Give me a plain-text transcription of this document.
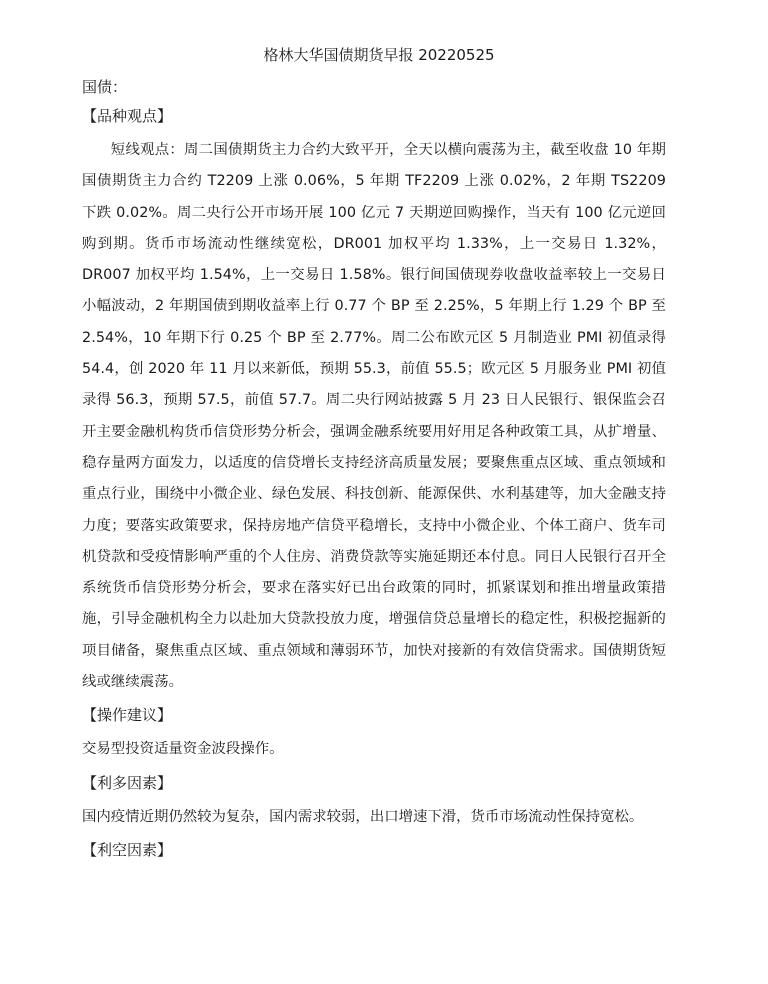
格林大华国债期货早报 20220525
国债：
【品种观点】

短线观点：周二国债期货主力合约大致平开，全天以横向震荡为主，截至收盘 10 年期国债期货主力合约 T2209 上涨 0.06%，5 年期 TF2209 上涨 0.02%，2 年期 TS2209 下跌 0.02%。周二央行公开市场开展 100 亿元 7 天期逆回购操作，当天有 100 亿元逆回购到期。货币市场流动性继续宽松，DR001 加权平均 1.33%，上一交易日 1.32%，DR007 加权平均 1.54%，上一交易日 1.58%。银行间国债现券收盘收益率较上一交易日小幅波动，2 年期国债到期收益率上行 0.77 个 BP 至 2.25%，5 年期上行 1.29 个 BP 至 2.54%，10 年期下行 0.25 个 BP 至 2.77%。周二公布欧元区 5 月制造业 PMI 初值录得 54.4，创 2020 年 11 月以来新低，预期 55.3，前值 55.5；欧元区 5 月服务业 PMI 初值录得 56.3，预期 57.5，前值 57.7。周二央行网站披露 5 月 23 日人民银行、银保监会召开主要金融机构货币信贷形势分析会，强调金融系统要用好用足各种政策工具，从扩增量、稳存量两方面发力，以适度的信贷增长支持经济高质量发展；要聚焦重点区域、重点领域和重点行业，围绕中小微企业、绿色发展、科技创新、能源保供、水利基建等，加大金融支持力度；要落实政策要求，保持房地产信贷平稳增长，支持中小微企业、个体工商户、货车司机贷款和受疫情影响严重的个人住房、消费贷款等实施延期还本付息。同日人民银行召开全系统货币信贷形势分析会，要求在落实好已出台政策的同时，抓紧谋划和推出增量政策措施，引导金融机构全力以赴加大贷款投放力度，增强信贷总量增长的稳定性，积极挖掘新的项目储备，聚焦重点区域、重点领域和薄弱环节，加快对接新的有效信贷需求。国债期货短线或继续震荡。

【操作建议】

交易型投资适量资金波段操作。

【利多因素】

国内疫情近期仍然较为复杂，国内需求较弱，出口增速下滑，货币市场流动性保持宽松。

【利空因素】
